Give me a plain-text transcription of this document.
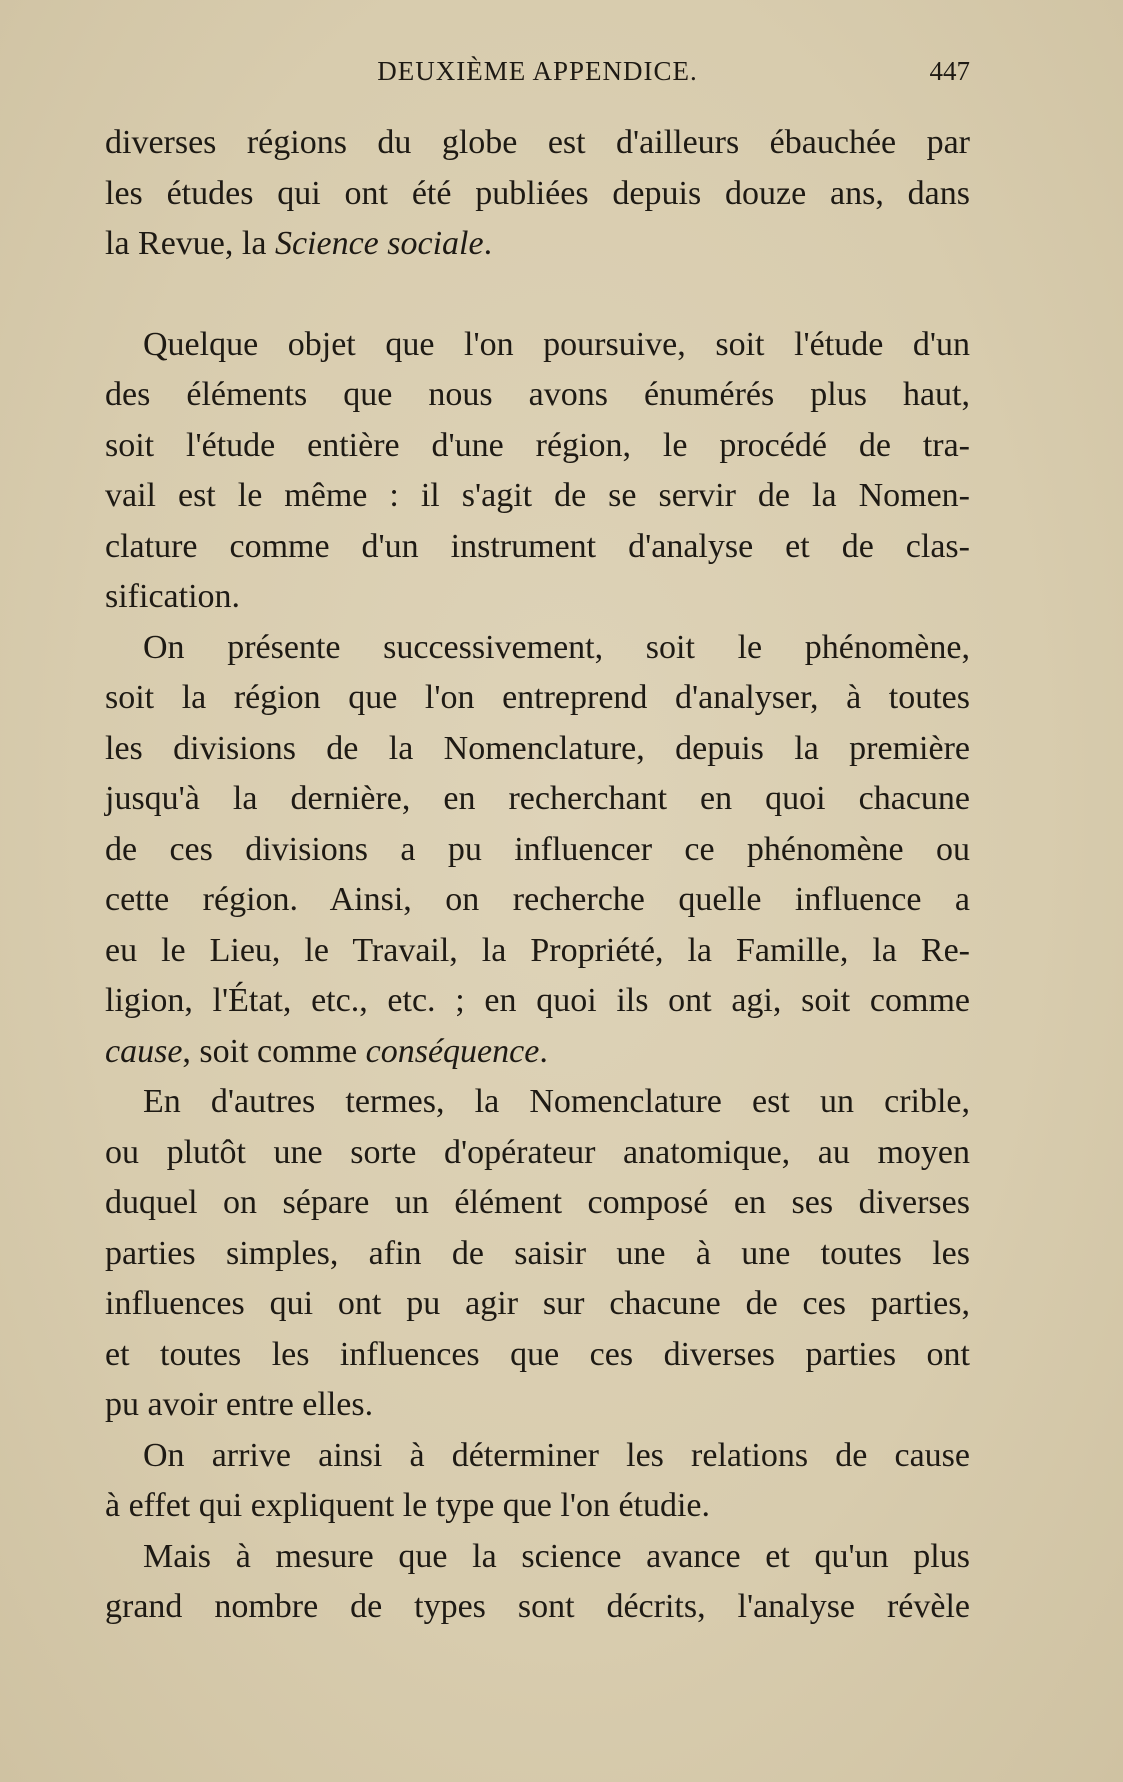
DEUXIÈME APPENDICE.	447

diverses régions du globe est d'ailleurs ébauchée par
les études qui ont été publiées depuis douze ans, dans
la Revue, la Science sociale.

Quelque objet que l'on poursuive, soit l'étude d'un
des éléments que nous avons énumérés plus haut,
soit l'étude entière d'une région, le procédé de tra-
vail est le même : il s'agit de se servir de la Nomen-
clature comme d'un instrument d'analyse et de clas-
sification.

On présente successivement, soit le phénomène,
soit la région que l'on entreprend d'analyser, à toutes
les divisions de la Nomenclature, depuis la première
jusqu'à la dernière, en recherchant en quoi chacune
de ces divisions a pu influencer ce phénomène ou
cette région. Ainsi, on recherche quelle influence a
eu le Lieu, le Travail, la Propriété, la Famille, la Re-
ligion, l'État, etc., etc. ; en quoi ils ont agi, soit comme
cause, soit comme conséquence.

En d'autres termes, la Nomenclature est un crible,
ou plutôt une sorte d'opérateur anatomique, au moyen
duquel on sépare un élément composé en ses diverses
parties simples, afin de saisir une à une toutes les
influences qui ont pu agir sur chacune de ces parties,
et toutes les influences que ces diverses parties ont
pu avoir entre elles.

On arrive ainsi à déterminer les relations de cause
à effet qui expliquent le type que l'on étudie.

Mais à mesure que la science avance et qu'un plus
grand nombre de types sont décrits, l'analyse révèle
